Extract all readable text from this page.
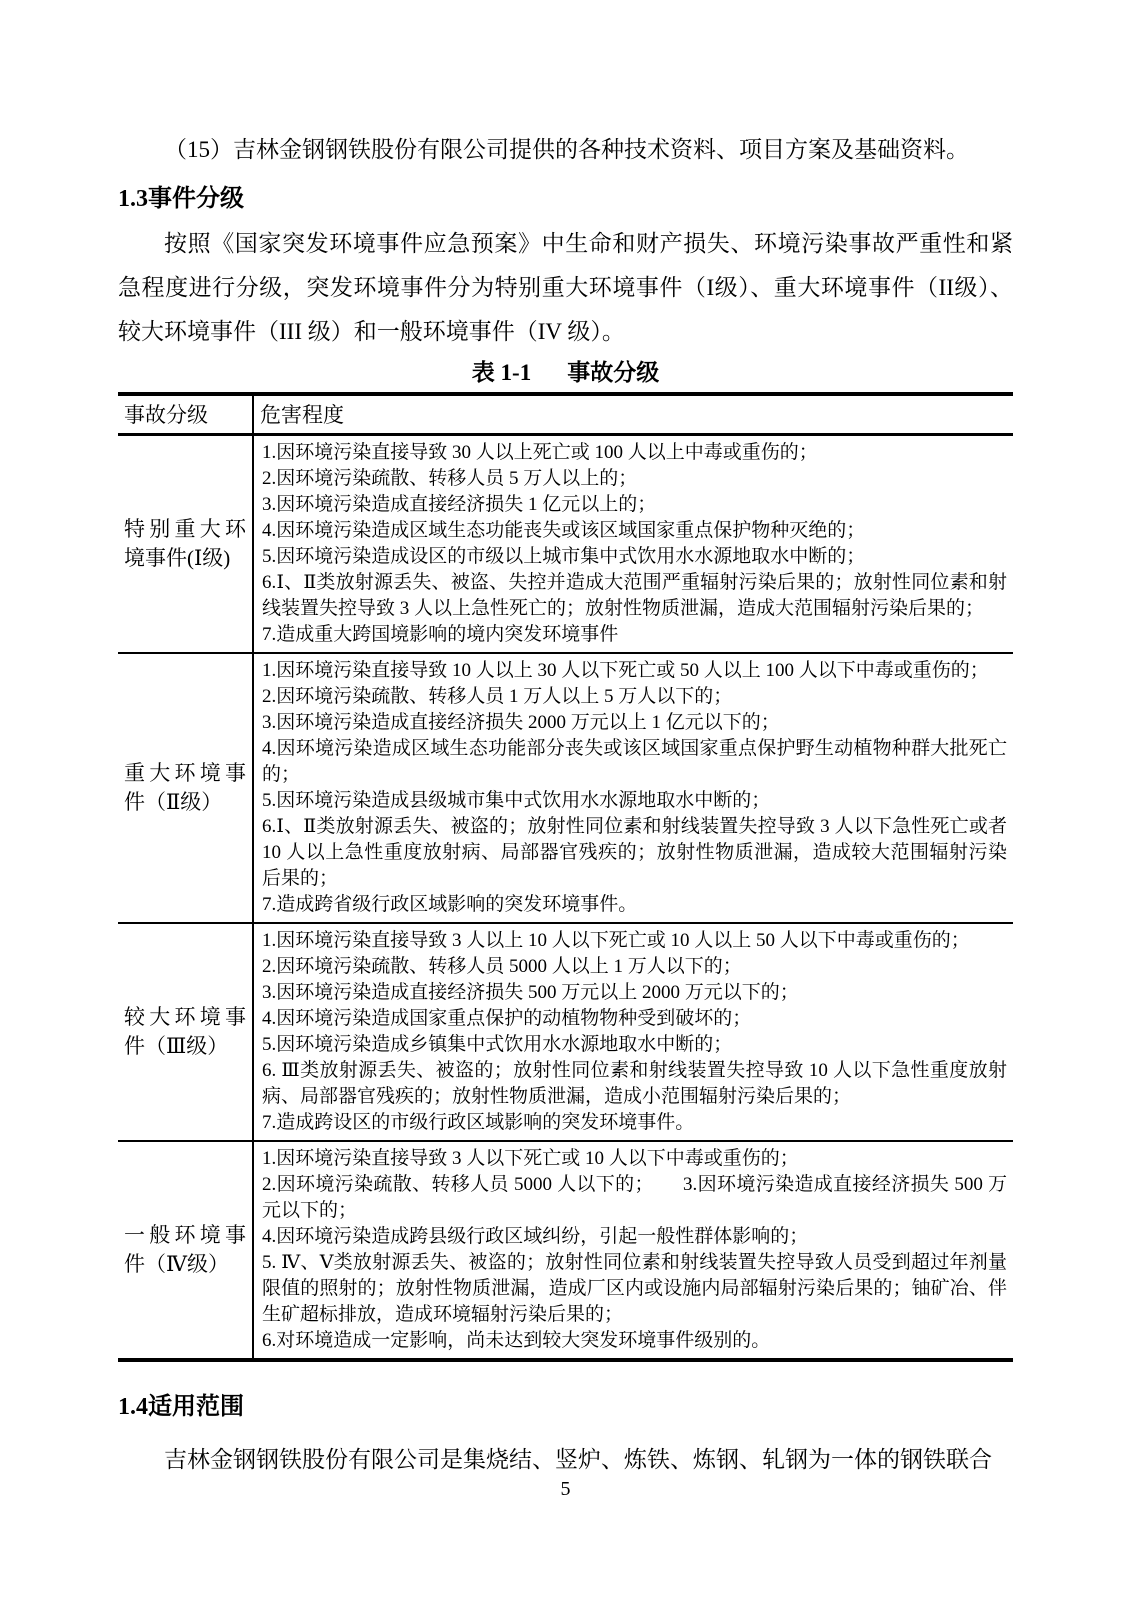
（15）吉林金钢钢铁股份有限公司提供的各种技术资料、项目方案及基础资料。

1.3事件分级

按照《国家突发环境事件应急预案》中生命和财产损失、环境污染事故严重性和紧急程度进行分级，突发环境事件分为特别重大环境事件（I级）、重大环境事件（II级）、较大环境事件（III 级）和一般环境事件（IV 级）。

表 1-1 事故分级
事故分级	危害程度
特别重大环境事件(Ⅰ级)	
1.因环境污染直接导致 30 人以上死亡或 100 人以上中毒或重伤的；
2.因环境污染疏散、转移人员 5 万人以上的；
3.因环境污染造成直接经济损失 1 亿元以上的；
4.因环境污染造成区域生态功能丧失或该区域国家重点保护物种灭绝的；
5.因环境污染造成设区的市级以上城市集中式饮用水水源地取水中断的；
6.Ⅰ、Ⅱ类放射源丢失、被盗、失控并造成大范围严重辐射污染后果的；放射性同位素和射线装置失控导致 3 人以上急性死亡的；放射性物质泄漏，造成大范围辐射污染后果的；
7.造成重大跨国境影响的境内突发环境事件

重大环境事件（Ⅱ级）	
1.因环境污染直接导致 10 人以上 30 人以下死亡或 50 人以上 100 人以下中毒或重伤的；
2.因环境污染疏散、转移人员 1 万人以上 5 万人以下的；
3.因环境污染造成直接经济损失 2000 万元以上 1 亿元以下的；
4.因环境污染造成区域生态功能部分丧失或该区域国家重点保护野生动植物种群大批死亡的；
5.因环境污染造成县级城市集中式饮用水水源地取水中断的；
6.Ⅰ、Ⅱ类放射源丢失、被盗的；放射性同位素和射线装置失控导致 3 人以下急性死亡或者 10 人以上急性重度放射病、局部器官残疾的；放射性物质泄漏，造成较大范围辐射污染后果的；
7.造成跨省级行政区域影响的突发环境事件。

较大环境事件（Ⅲ级）	
1.因环境污染直接导致 3 人以上 10 人以下死亡或 10 人以上 50 人以下中毒或重伤的；
2.因环境污染疏散、转移人员 5000 人以上 1 万人以下的；
3.因环境污染造成直接经济损失 500 万元以上 2000 万元以下的；
4.因环境污染造成国家重点保护的动植物物种受到破坏的；
5.因环境污染造成乡镇集中式饮用水水源地取水中断的；
6. Ⅲ类放射源丢失、被盗的；放射性同位素和射线装置失控导致 10 人以下急性重度放射病、局部器官残疾的；放射性物质泄漏，造成小范围辐射污染后果的；
7.造成跨设区的市级行政区域影响的突发环境事件。

一般环境事件（Ⅳ级）	1.因环境污染直接导致 3 人以下死亡或 10 人以下中毒或重伤的；
2.因环境污染疏散、转移人员 5000 人以下的；　　3.因环境污染造成直接经济损失 500 万元以下的；
4.因环境污染造成跨县级行政区域纠纷，引起一般性群体影响的；
5. Ⅳ、Ⅴ类放射源丢失、被盗的；放射性同位素和射线装置失控导致人员受到超过年剂量限值的照射的；放射性物质泄漏，造成厂区内或设施内局部辐射污染后果的；铀矿冶、伴生矿超标排放，造成环境辐射污染后果的；
6.对环境造成一定影响，尚未达到较大突发环境事件级别的。
1.4适用范围

吉林金钢钢铁股份有限公司是集烧结、竖炉、炼铁、炼钢、轧钢为一体的钢铁联合

5
